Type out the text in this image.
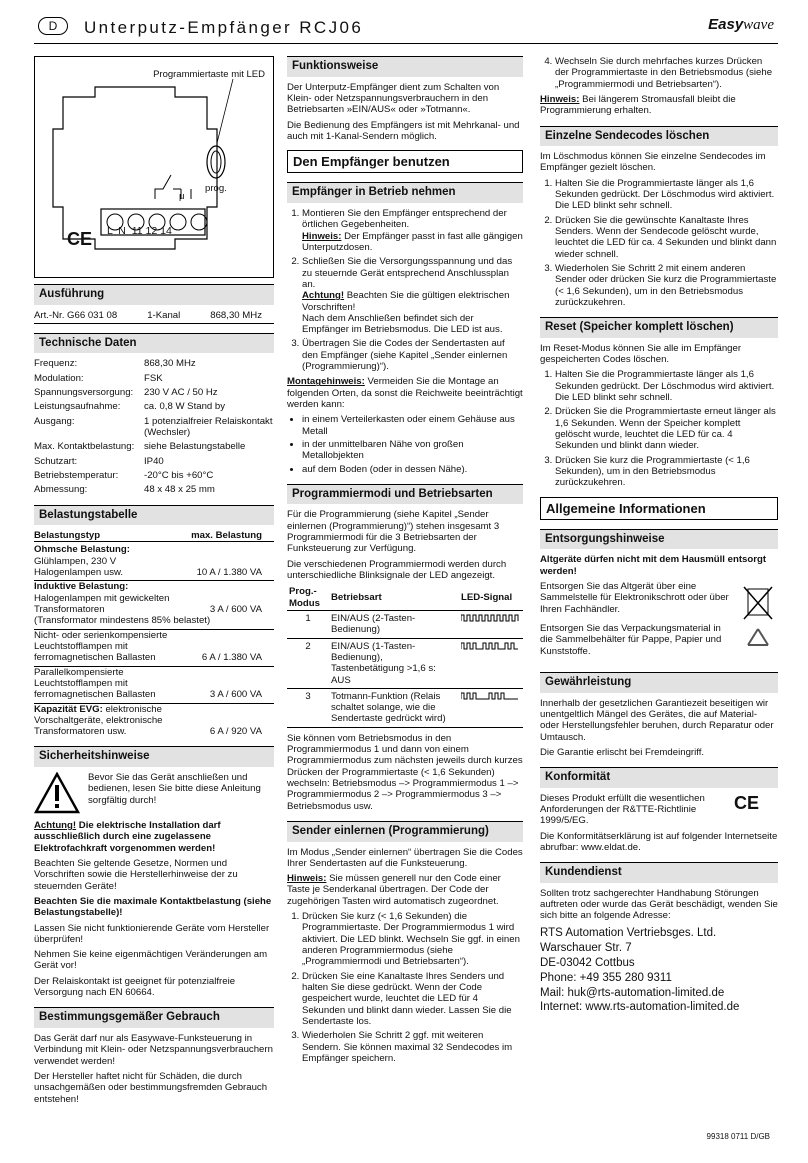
D	Unterputz-Empfänger RCJ06	Easywave
Programmiertaste mit LED
prog.
μ
L  N  11 12 14
CE
Ausführung
Art.-Nr. G66 031 08	1-Kanal	868,30 MHz
Technische Daten
Frequenz:	868,30 MHz
Modulation:	FSK
Spannungsversorgung:	230 V AC / 50 Hz
Leistungsaufnahme:	ca. 0,8 W Stand by
Ausgang:	1 potenzialfreier Relaiskontakt (Wechsler)
Max. Kontaktbelastung:	siehe Belastungstabelle
Schutzart:	IP40
Betriebstemperatur:	-20°C bis +60°C
Abmessung:	48 x 48 x 25 mm
Belastungstabelle
Belastungstyp	max. Belastung
Ohmsche Belastung:
Glühlampen, 230 V
Halogenlampen usw.	10 A / 1.380 VA
Induktive Belastung:
Halogenlampen mit gewickelten Transformatoren	3 A / 600 VA
(Transformator mindestens 85% belastet)
Nicht- oder serienkompensierte Leuchtstofflampen mit ferromagnetischen Ballasten	6 A / 1.380 VA
Parallelkompensierte Leuchtstofflampen mit ferromagnetischen Ballasten	3 A / 600 VA
Kapazität EVG: elektronische Vorschaltgeräte, elektronische Transformatoren usw.	6 A / 920 VA
Sicherheitshinweise

Bevor Sie das Gerät anschließen und bedienen, lesen Sie bitte diese Anleitung sorgfältig durch!

Achtung! Die elektrische Installation darf ausschließlich durch eine zugelassene Elektrofachkraft vorgenommen werden!

Beachten Sie geltende Gesetze, Normen und Vorschriften sowie die Herstellerhinweise der zu steuernden Geräte!

Beachten Sie die maximale Kontaktbelastung (siehe Belastungstabelle)!

Lassen Sie nicht funktionierende Geräte vom Hersteller überprüfen!

Nehmen Sie keine eigenmächtigen Veränderungen am Gerät vor!

Der Relaiskontakt ist geeignet für potenzialfreie Versorgung nach EN 60664.

Bestimmungsgemäßer Gebrauch

Das Gerät darf nur als Easywave-Funksteuerung in Verbindung mit Klein- oder Netzspannungsverbrauchern verwendet werden!

Der Hersteller haftet nicht für Schäden, die durch unsachgemäßen oder bestimmungsfremden Gebrauch entstehen!

Funktionsweise

Der Unterputz-Empfänger dient zum Schalten von Klein- oder Netzspannungsverbrauchern in den Betriebsarten »EIN/AUS« oder »Totmann«.

Die Bedienung des Empfängers ist mit Mehrkanal- und auch mit 1-Kanal-Sendern möglich.

Den Empfänger benutzen
Empfänger in Betrieb nehmen
1. Montieren Sie den Empfänger entsprechend der örtlichen Gegebenheiten.
Hinweis: Der Empfänger passt in fast alle gängigen Unterputzdosen.
2. Schließen Sie die Versorgungsspannung und das zu steuernde Gerät entsprechend Anschlussplan an.
Achtung! Beachten Sie die gültigen elektrischen Vorschriften!
Nach dem Anschließen befindet sich der Empfänger im Betriebsmodus. Die LED ist aus.
3. Übertragen Sie die Codes der Sendertasten auf den Empfänger (siehe Kapitel „Sender einlernen (Programmierung)“).

Montagehinweis: Vermeiden Sie die Montage an folgenden Orten, da sonst die Reichweite beeinträchtigt werden kann:

• in einem Verteilerkasten oder einem Gehäuse aus Metall
• in der unmittelbaren Nähe von großen Metallobjekten
• auf dem Boden (oder in dessen Nähe).
Programmiermodi und Betriebsarten

Für die Programmierung (siehe Kapitel „Sender einlernen (Programmierung)“) stehen insgesamt 3 Programmiermodi für die 3 Betriebsarten der Funksteuerung zur Verfügung.

Die verschiedenen Programmiermodi werden durch unterschiedliche Blinksignale der LED angezeigt.

Prog.-Modus	Betriebsart	LED-Signal
1	EIN/AUS (2-Tasten-Bedienung)	
2	EIN/AUS (1-Tasten-Bedienung), Tastenbetätigung >1,6 s: AUS	
3	Totmann-Funktion (Relais schaltet solange, wie die Sendertaste gedrückt wird)	

Sie können vom Betriebsmodus in den Programmiermodus 1 und dann von einem Programmiermodus zum nächsten jeweils durch kurzes Drücken der Programmiertaste (< 1,6 Sekunden) wechseln: Betriebsmodus –> Programmiermodus 1 –> Programmiermodus 2 –> Programmiermodus 3 –> Betriebsmodus usw.

Sender einlernen (Programmierung)

Im Modus „Sender einlernen“ übertragen Sie die Codes Ihrer Sendertasten auf die Funksteuerung.

Hinweis: Sie müssen generell nur den Code einer Taste je Senderkanal übertragen. Der Code der zugehörigen Tasten wird automatisch zugeordnet.

1. Drücken Sie kurz (< 1,6 Sekunden) die Programmiertaste. Der Programmiermodus 1 wird aktiviert. Die LED blinkt. Wechseln Sie ggf. in einen anderen Programmiermodus (siehe „Programmiermodi und Betriebsarten“).
2. Drücken Sie eine Kanaltaste Ihres Senders und halten Sie diese gedrückt. Wenn der Code gespeichert wurde, leuchtet die LED für 4 Sekunden und blinkt dann wieder. Lassen Sie die Sendertaste los.
3. Wiederholen Sie Schritt 2 ggf. mit weiteren Sendern. Sie können maximal 32 Sendecodes im Empfänger speichern.
4. Wechseln Sie durch mehrfaches kurzes Drücken der Programmiertaste in den Betriebsmodus (siehe „Programmiermodi und Betriebsarten“).

Hinweis: Bei längerem Stromausfall bleibt die Programmierung erhalten.

Einzelne Sendecodes löschen

Im Löschmodus können Sie einzelne Sendecodes im Empfänger gezielt löschen.

1. Halten Sie die Programmiertaste länger als 1,6 Sekunden gedrückt. Der Löschmodus wird aktiviert. Die LED blinkt sehr schnell.
2. Drücken Sie die gewünschte Kanaltaste Ihres Senders. Wenn der Sendecode gelöscht wurde, leuchtet die LED für ca. 4 Sekunden und blinkt dann wieder schnell.
3. Wiederholen Sie Schritt 2 mit einem anderen Sender oder drücken Sie kurz die Programmiertaste (< 1,6 Sekunden), um in den Betriebsmodus zurückzukehren.
Reset (Speicher komplett löschen)

Im Reset-Modus können Sie alle im Empfänger gespeicherten Codes löschen.

1. Halten Sie die Programmiertaste länger als 1,6 Sekunden gedrückt. Der Löschmodus wird aktiviert. Die LED blinkt sehr schnell.
2. Drücken Sie die Programmiertaste erneut länger als 1,6 Sekunden. Wenn der Speicher komplett gelöscht wurde, leuchtet die LED für ca. 4 Sekunden und blinkt dann wieder.
3. Drücken Sie kurz die Programmiertaste (< 1,6 Sekunden), um in den Betriebsmodus zurückzukehren.
Allgemeine Informationen
Entsorgungshinweise

Altgeräte dürfen nicht mit dem Hausmüll entsorgt werden!

Entsorgen Sie das Altgerät über eine Sammelstelle für Elektronikschrott oder über Ihren Fachhändler.

Entsorgen Sie das Verpackungsmaterial in die Sammelbehälter für Pappe, Papier und Kunststoffe.

Gewährleistung

Innerhalb der gesetzlichen Garantiezeit beseitigen wir unentgeltlich Mängel des Gerätes, die auf Material- oder Herstellungsfehler beruhen, durch Reparatur oder Umtausch.

Die Garantie erlischt bei Fremdeingriff.

Konformität

Dieses Produkt erfüllt die wesentlichen Anforderungen der R&TTE-Richtlinie 1999/5/EG.

CE

Die Konformitätserklärung ist auf folgender Internetseite abrufbar: www.eldat.de.

Kundendienst

Sollten trotz sachgerechter Handhabung Störungen auftreten oder wurde das Gerät beschädigt, wenden Sie sich bitte an folgende Adresse:

RTS Automation Vertriebsges. Ltd.
Warschauer Str. 7
DE-03042 Cottbus
Phone: +49 355 280 9311
Mail: huk@rts-automation-limited.de
Internet: www.rts-automation-limited.de
99318 0711 D/GB
